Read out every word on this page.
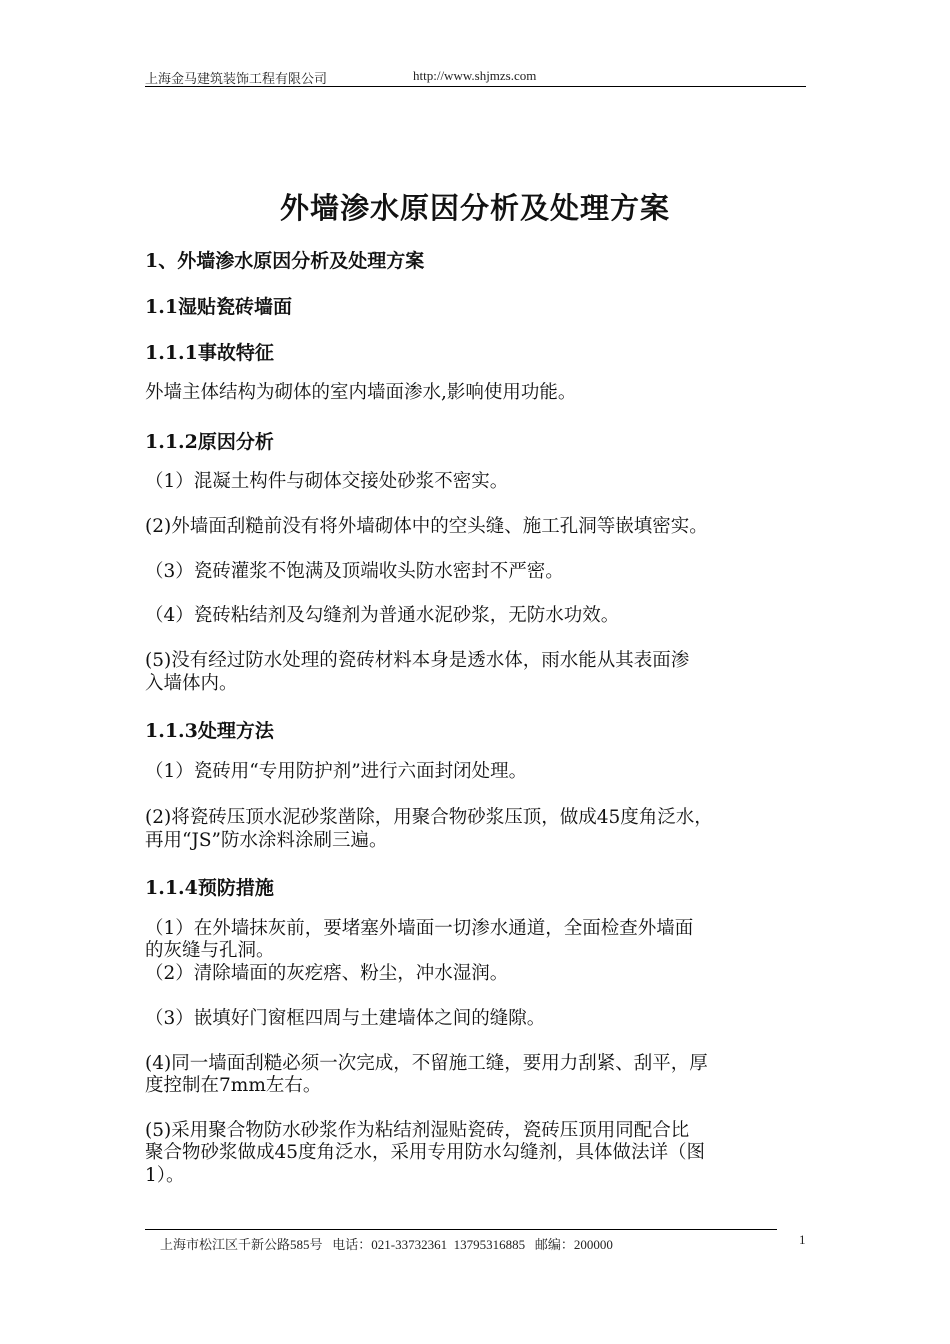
上海金马建筑装饰工程有限公司	http://www.shjmzs.com
外墙渗水原因分析及处理方案
1、外墙渗水原因分析及处理方案
1.1湿贴瓷砖墙面
1.1.1事故特征
外墙主体结构为砌体的室内墙面渗水,影响使用功能。
1.1.2原因分析
（1）混凝土构件与砌体交接处砂浆不密实。
(2)外墙面刮糙前没有将外墙砌体中的空头缝、施工孔洞等嵌填密实。
（3）瓷砖灌浆不饱满及顶端收头防水密封不严密。
（4）瓷砖粘结剂及勾缝剂为普通水泥砂浆，无防水功效。
(5)没有经过防水处理的瓷砖材料本身是透水体，雨水能从其表面渗
入墙体内。
1.1.3处理方法
（1）瓷砖用“专用防护剂”进行六面封闭处理。
(2)将瓷砖压顶水泥砂浆凿除，用聚合物砂浆压顶，做成45度角泛水，
再用“JS”防水涂料涂刷三遍。
1.1.4预防措施
（1）在外墙抹灰前，要堵塞外墙面一切渗水通道，全面检查外墙面
的灰缝与孔洞。
（2）清除墙面的灰疙瘩、粉尘，冲水湿润。
（3）嵌填好门窗框四周与土建墙体之间的缝隙。
(4)同一墙面刮糙必须一次完成，不留施工缝，要用力刮紧、刮平，厚
度控制在7mm左右。
(5)采用聚合物防水砂浆作为粘结剂湿贴瓷砖，瓷砖压顶用同配合比
聚合物砂浆做成45度角泛水，采用专用防水勾缝剂，具体做法详（图
1）。
上海市松江区千新公路585号   电话：021-33732361  13795316885   邮编：200000	1
